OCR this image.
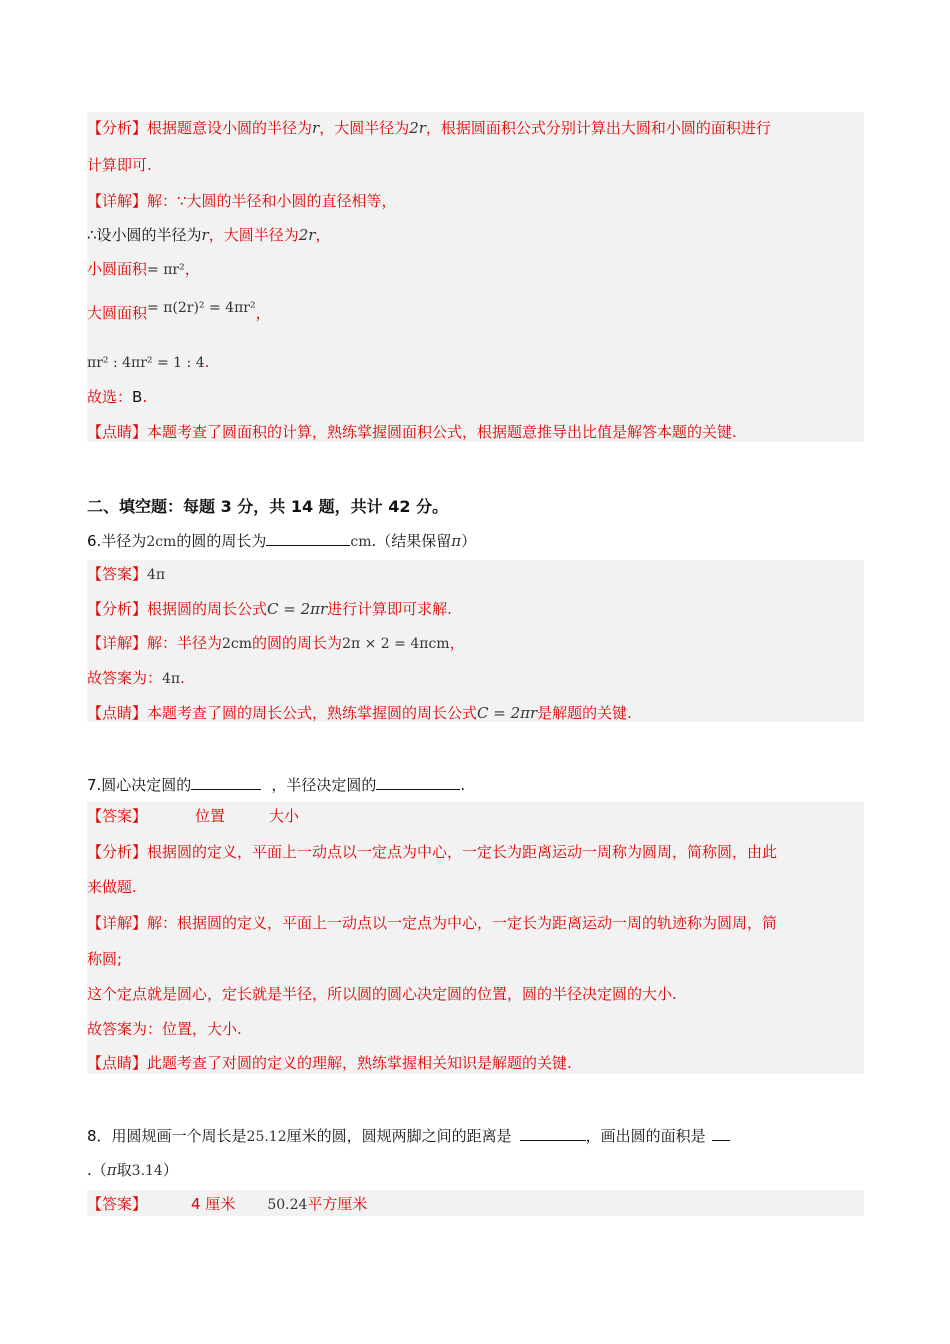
【分析】根据题意设小圆的半径为r，大圆半径为2r，根据圆面积公式分别计算出大圆和小圆的面积进行
计算即可.
【详解】解：∵大圆的半径和小圆的直径相等，
∴设小圆的半径为r，大圆半径为2r，
小圆面积= πr²，
大圆面积= π(2r)² = 4πr²，
πr² : 4πr² = 1 : 4.
故选：B.
【点睛】本题考查了圆面积的计算，熟练掌握圆面积公式，根据题意推导出比值是解答本题的关键.
二、填空题：每题 3 分，共 14 题，共计 42 分。
6.半径为2cm的圆的周长为	cm.（结果保留π）
【答案】4π
【分析】根据圆的周长公式C = 2πr进行计算即可求解.
【详解】解：半径为2cm的圆的周长为2π × 2 = 4πcm，
故答案为：4π.
【点睛】本题考查了圆的周长公式，熟练掌握圆的周长公式C = 2πr是解题的关键.
7.圆心决定圆的	，半径决定圆的	.
【答案】	位置	大小
【分析】根据圆的定义，平面上一动点以一定点为中心，一定长为距离运动一周称为圆周，简称圆，由此
来做题.
【详解】解：根据圆的定义，平面上一动点以一定点为中心，一定长为距离运动一周的轨迹称为圆周，简
称圆;
这个定点就是圆心，定长就是半径，所以圆的圆心决定圆的位置，圆的半径决定圆的大小.
故答案为：位置，大小.
【点睛】此题考查了对圆的定义的理解，熟练掌握相关知识是解题的关键.
8．用圆规画一个周长是25.12厘米的圆，圆规两脚之间的距离是	，画出圆的面积是
.（π取3.14）
【答案】	4 厘米 50.24平方厘米
